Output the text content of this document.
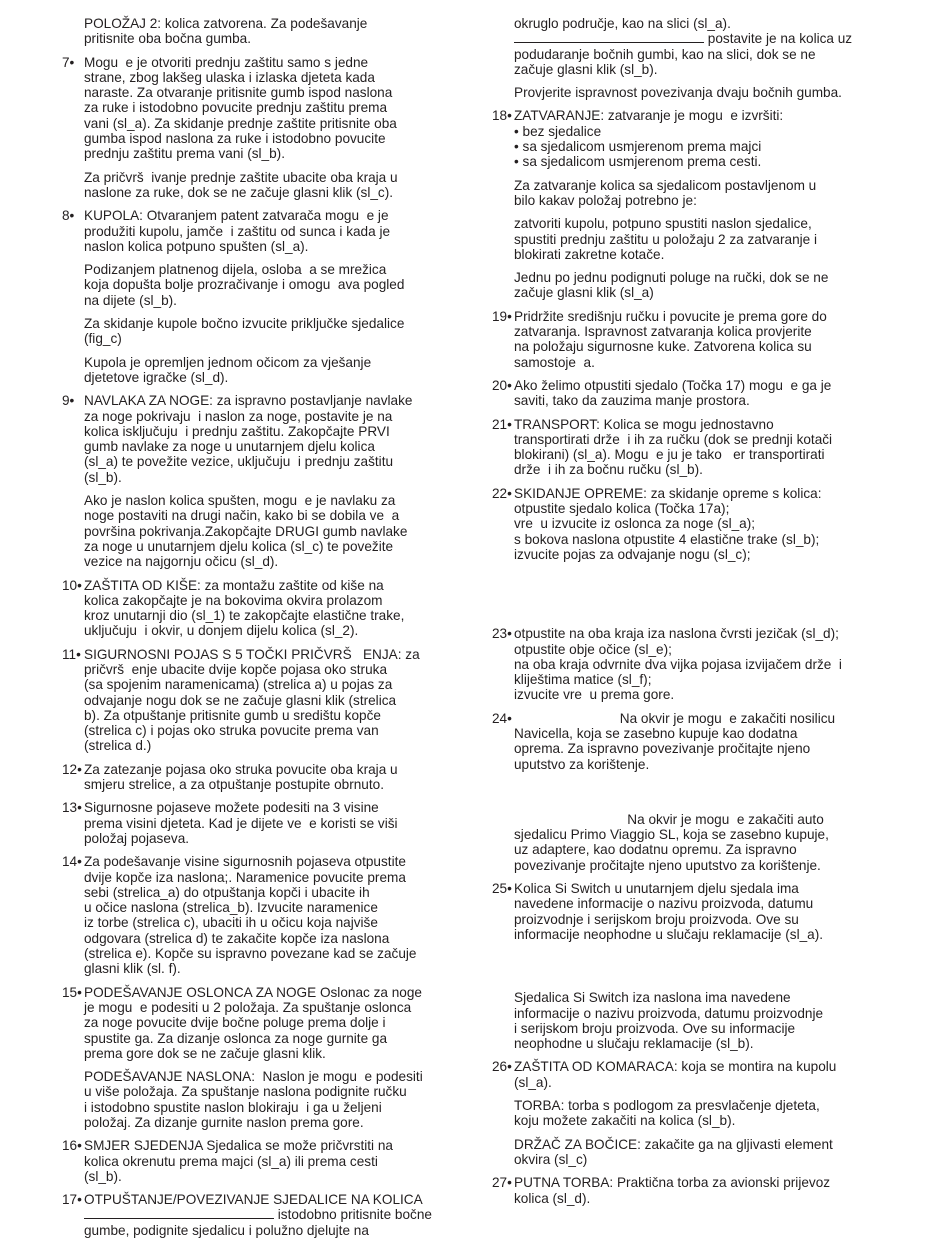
POLOŽAJ 2: kolica zatvorena. Za podešavanje
pritisnite oba bočna gumba.
7• Mogu  e je otvoriti prednju zaštitu samo s jedne
strane, zbog lakšeg ulaska i izlaska djeteta kada
naraste. Za otvaranje pritisnite gumb ispod naslona
za ruke i istodobno povucite prednju zaštitu prema
vani (sl_a). Za skidanje prednje zaštite pritisnite oba
gumba ispod naslona za ruke i istodobno povucite
prednju zaštitu prema vani (sl_b).
Za pričvrš  ivanje prednje zaštite ubacite oba kraja u
naslone za ruke, dok se ne začuje glasni klik (sl_c).
8• KUPOLA: Otvaranjem patent zatvarača mogu  e je
produžiti kupolu, jamče  i zaštitu od sunca i kada je
naslon kolica potpuno spušten (sl_a).
Podizanjem platnenog dijela, osloba  a se mrežica
koja dopušta bolje prozračivanje i omogu  ava pogled
na dijete (sl_b).
Za skidanje kupole bočno izvucite priključke sjedalice
(fig_c)
Kupola je opremljen jednom očicom za vješanje
djetetove igračke (sl_d).
9• NAVLAKA ZA NOGE: za ispravno postavljanje navlake
za noge pokrivaju  i naslon za noge, postavite je na
kolica isključuju  i prednju zaštitu. Zakopčajte PRVI
gumb navlake za noge u unutarnjem djelu kolica
(sl_a) te povežite vezice, uključuju  i prednju zaštitu
(sl_b).
Ako je naslon kolica spušten, mogu  e je navlaku za
noge postaviti na drugi način, kako bi se dobila ve  a
površina pokrivanja.Zakopčajte DRUGI gumb navlake
za noge u unutarnjem djelu kolica (sl_c) te povežite
vezice na najgornju očicu (sl_d).
10• ZAŠTITA OD KIŠE: za montažu zaštite od kiše na
kolica zakopčajte je na bokovima okvira prolazom
kroz unutarnji dio (sl_1) te zakopčajte elastične trake,
uključuju  i okvir, u donjem dijelu kolica (sl_2).
11• SIGURNOSNI POJAS S 5 TOČKI PRIČVRŠ   ENJA: za
pričvrš  enje ubacite dvije kopče pojasa oko struka
(sa spojenim naramenicama) (strelica a) u pojas za
odvajanje nogu dok se ne začuje glasni klik (strelica
b). Za otpuštanje pritisnite gumb u središtu kopče
(strelica c) i pojas oko struka povucite prema van
(strelica d.)
12• Za zatezanje pojasa oko struka povucite oba kraja u
smjeru strelice, a za otpuštanje postupite obrnuto.
13• Sigurnosne pojaseve možete podesiti na 3 visine
prema visini djeteta. Kad je dijete ve  e koristi se viši
položaj pojaseva.
14• Za podešavanje visine sigurnosnih pojaseva otpustite
dvije kopče iza naslona;. Naramenice povucite prema
sebi (strelica_a) do otpuštanja kopči i ubacite ih
u očice naslona (strelica_b). Izvucite naramenice
iz torbe (strelica c), ubaciti ih u očicu koja najviše
odgovara (strelica d) te zakačite kopče iza naslona
(strelica e). Kopče su ispravno povezane kad se začuje
glasni klik (sl. f).
15• PODEŠAVANJE OSLONCA ZA NOGE Oslonac za noge
je mogu  e podesiti u 2 položaja. Za spuštanje oslonca
za noge povucite dvije bočne poluge prema dolje i
spustite ga. Za dizanje oslonca za noge gurnite ga
prema gore dok se ne začuje glasni klik.
PODEŠAVANJE NASLONA:  Naslon je mogu  e podesiti
u više položaja. Za spuštanje naslona podignite ručku
i istodobno spustite naslon blokiraju  i ga u željeni
položaj. Za dizanje gurnite naslon prema gore.
16• SMJER SJEDENJA Sjedalica se može pričvrstiti na
kolica okrenutu prema majci (sl_a) ili prema cesti
(sl_b).
17• OTPUŠTANJE/POVEZIVANJE SJEDALICE NA KOLICA
istodobno pritisnite bočne
gumbe, podignite sjedalicu i polužno djelujte na
okruglo područje, kao na slici (sl_a).
postavite je na kolica uz
podudaranje bočnih gumbi, kao na slici, dok se ne
začuje glasni klik (sl_b).
Provjerite ispravnost povezivanja dvaju bočnih gumba.
18• ZATVARANJE: zatvaranje je mogu  e izvršiti:
• bez sjedalice
• sa sjedalicom usmjerenom prema majci
• sa sjedalicom usmjerenom prema cesti.
Za zatvaranje kolica sa sjedalicom postavljenom u
bilo kakav položaj potrebno je:
zatvoriti kupolu, potpuno spustiti naslon sjedalice,
spustiti prednju zaštitu u položaju 2 za zatvaranje i
blokirati zakretne kotače.
Jednu po jednu podignuti poluge na ručki, dok se ne
začuje glasni klik (sl_a)
19• Pridržite središnju ručku i povucite je prema gore do
zatvaranja. Ispravnost zatvaranja kolica provjerite
na položaju sigurnosne kuke. Zatvorena kolica su
samostoje  a.
20• Ako želimo otpustiti sjedalo (Točka 17) mogu  e ga je
saviti, tako da zauzima manje prostora.
21• TRANSPORT: Kolica se mogu jednostavno
transportirati drže  i ih za ručku (dok se prednji kotači
blokirani) (sl_a). Mogu  e ju je tako   er transportirati
drže  i ih za bočnu ručku (sl_b).
22• SKIDANJE OPREME: za skidanje opreme s kolica:
otpustite sjedalo kolica (Točka 17a);
vre  u izvucite iz oslonca za noge (sl_a);
s bokova naslona otpustite 4 elastične trake (sl_b);
izvucite pojas za odvajanje nogu (sl_c);
23• otpustite na oba kraja iza naslona čvrsti jezičak (sl_d);
otpustite obje očice (sl_e);
na oba kraja odvrnite dva vijka pojasa izvijačem drže  i
kliještima matice (sl_f);
izvucite vre  u prema gore.
24• Na okvir je mogu  e zakačiti nosilicu
Navicella, koja se zasebno kupuje kao dodatna
oprema. Za ispravno povezivanje pročitajte njeno
uputstvo za korištenje.
Na okvir je mogu  e zakačiti auto
sjedalicu Primo Viaggio SL, koja se zasebno kupuje,
uz adaptere, kao dodatnu opremu. Za ispravno
povezivanje pročitajte njeno uputstvo za korištenje.
25• Kolica Si Switch u unutarnjem djelu sjedala ima
navedene informacije o nazivu proizvoda, datumu
proizvodnje i serijskom broju proizvoda. Ove su
informacije neophodne u slučaju reklamacije (sl_a).
Sjedalica Si Switch iza naslona ima navedene
informacije o nazivu proizvoda, datumu proizvodnje
i serijskom broju proizvoda. Ove su informacije
neophodne u slučaju reklamacije (sl_b).
26• ZAŠTITA OD KOMARACA: koja se montira na kupolu
(sl_a).
TORBA: torba s podlogom za presvlačenje djeteta,
koju možete zakačiti na kolica (sl_b).
DRŽAČ ZA BOČICE: zakačite ga na gljivasti element
okvira (sl_c)
27• PUTNA TORBA: Praktična torba za avionski prijevoz
kolica (sl_d).
